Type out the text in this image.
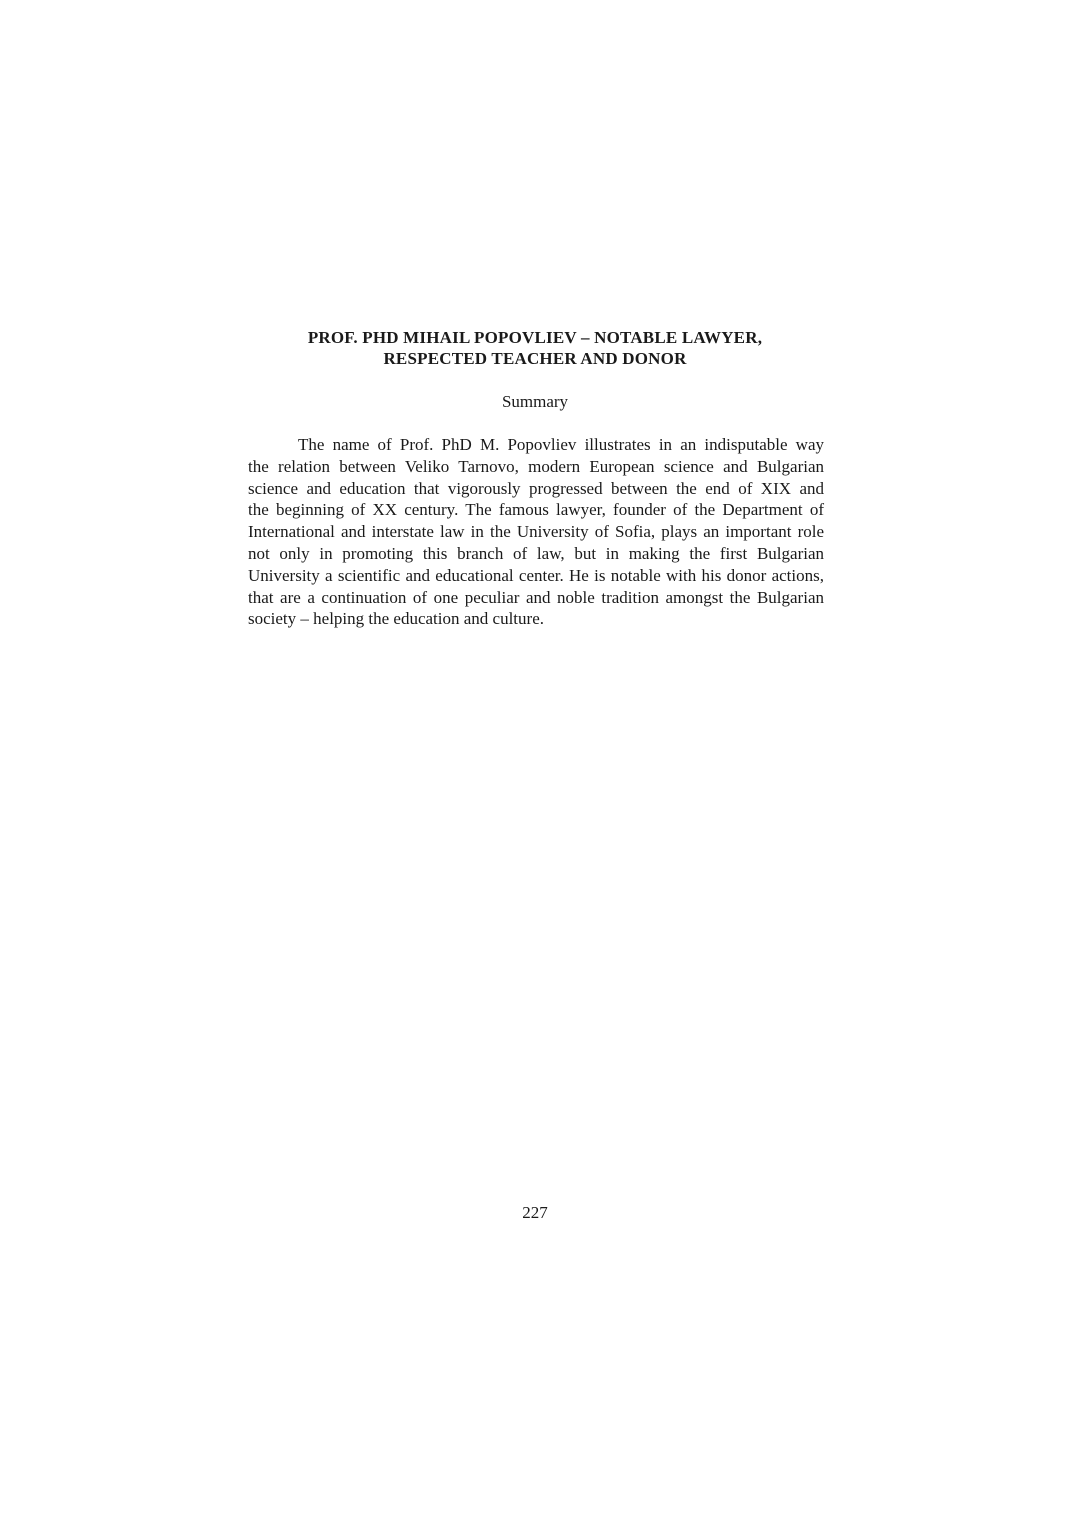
PROF. PHD MIHAIL POPOVLIEV – NOTABLE LAWYER,
RESPECTED TEACHER AND DONOR
Summary
The name of Prof. PhD M. Popovliev illustrates in an indisputable way
the relation between Veliko Tarnovo, modern European science and Bulgarian
science and education that vigorously progressed between the end of XIX and
the beginning of XX century. The famous lawyer, founder of the Department of
International and interstate law in the University of Sofia, plays an important role
not only in promoting this branch of law, but in making the first Bulgarian
University a scientific and educational center. He is notable with his donor actions,
that are a continuation of one peculiar and noble tradition amongst the Bulgarian
society – helping the education and culture.
227
